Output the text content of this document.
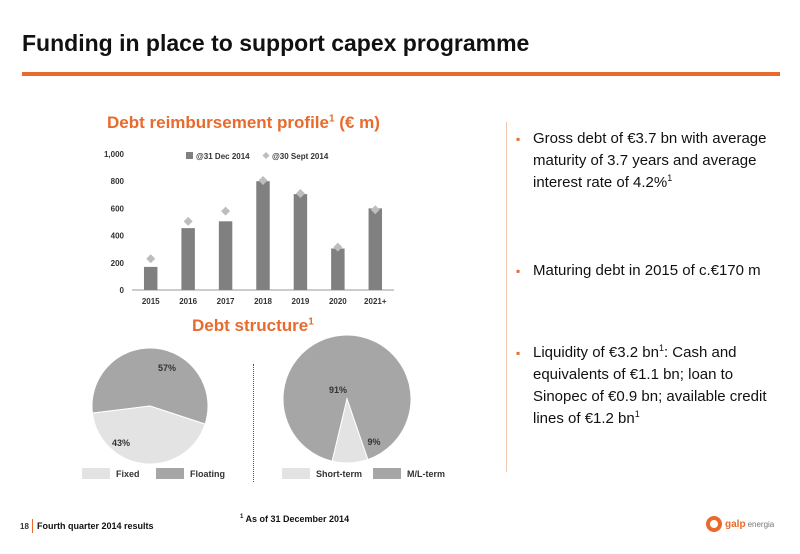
Funding in place to support capex programme
Debt reimbursement profile$^1$ (€ m)
0
200
400
600
800
1,000
2015 2016 2017 2018 2019 2020 2021+
@31 Dec 2014	@30 Sept 2014
Debt structure$^1$
57%
43%
91%
9%
Fixed	Floating	Short-term	M/L-term
▪ Gross debt of €3.7 bn with average maturity of 3.7 years and average interest rate of 4.2%$^1$
▪ Maturing debt in 2015 of c.€170 m
▪ Liquidity of €3.2 $bn^1$: Cash and equivalents of €1.1 bn; loan to Sinopec of €0.9 bn; available credit lines of €1.2 $bn^1$
18 Fourth quarter 2014 results
$^1$ As of 31 December 2014	galp energia
